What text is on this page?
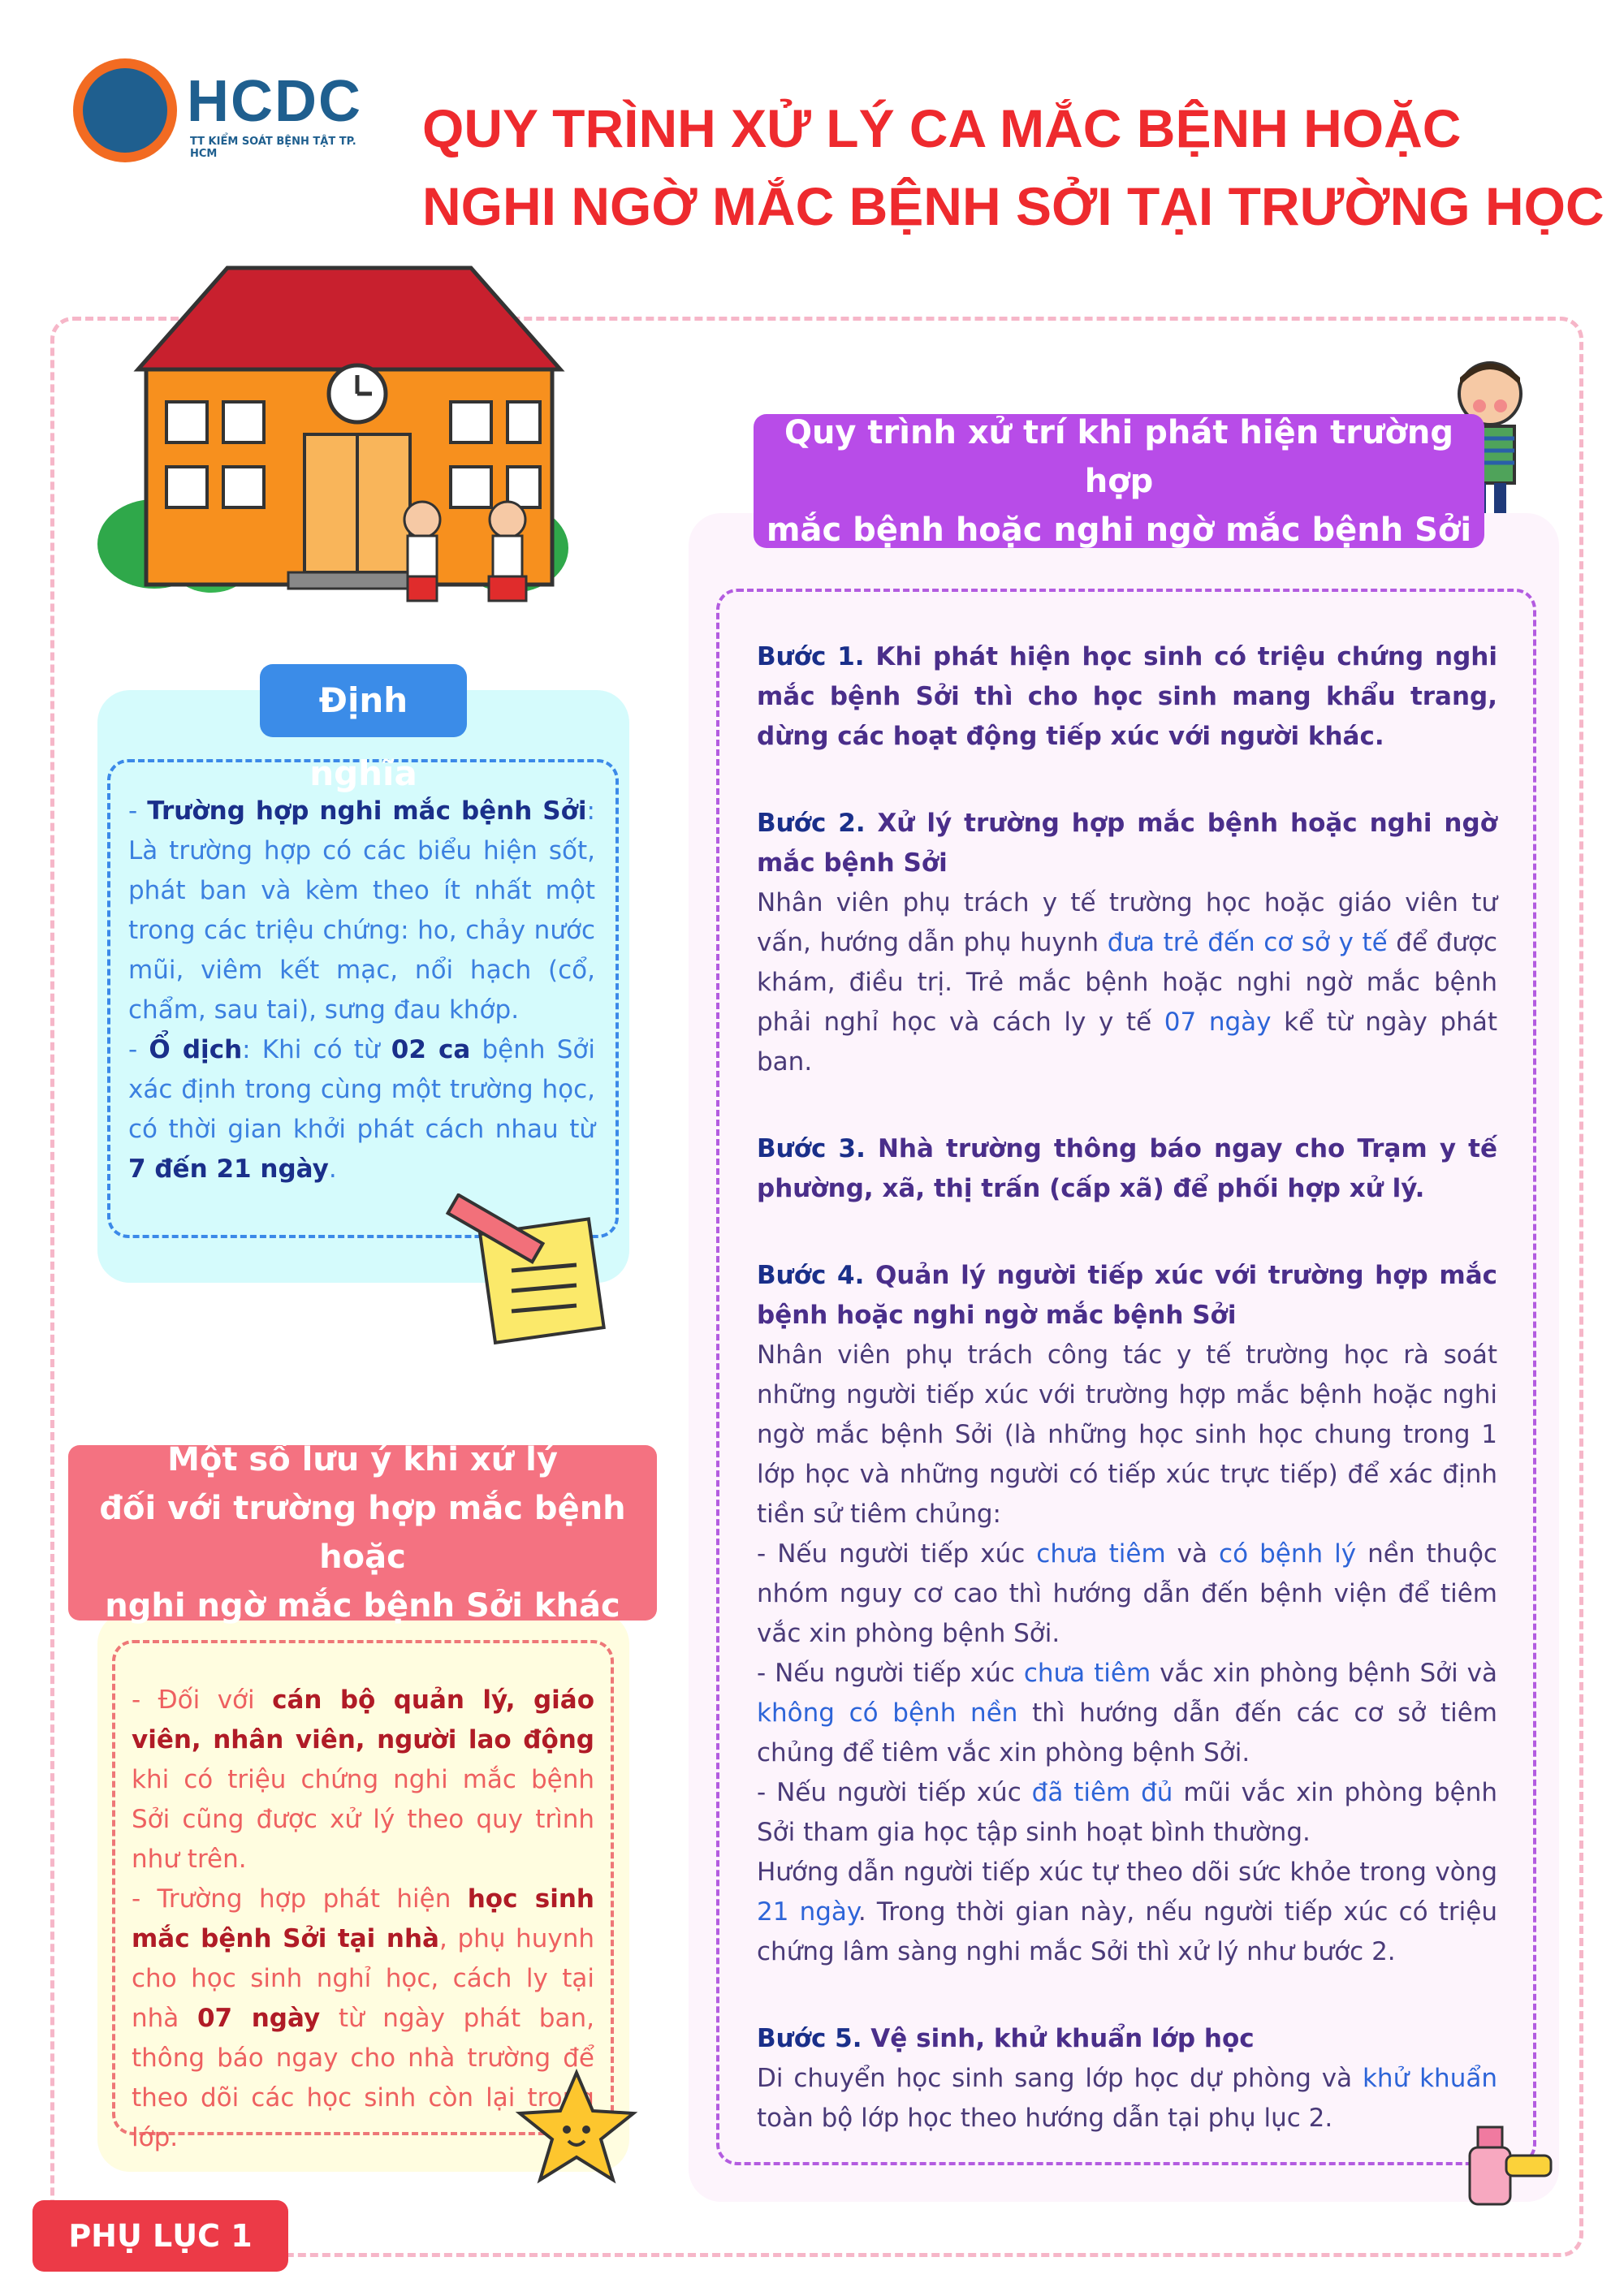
HCDC
TT KIỂM SOÁT BỆNH TẬT TP. HCM	QUY TRÌNH XỬ LÝ CA MẮC BỆNH HOẶC
NGHI NGỜ MẮC BỆNH SỞI TẠI TRƯỜNG HỌC
Định nghĩa
- Trường hợp nghi mắc bệnh Sởi: Là trường hợp có các biểu hiện sốt, phát ban và kèm theo ít nhất một trong các triệu chứng: ho, chảy nước mũi, viêm kết mạc, nổi hạch (cổ, chẩm, sau tai), sưng đau khớp.
- Ổ dịch: Khi có từ 02 ca bệnh Sởi xác định trong cùng một trường học, có thời gian khởi phát cách nhau từ 7 đến 21 ngày.
Một số lưu ý khi xử lý
đối với trường hợp mắc bệnh hoặc
nghi ngờ mắc bệnh Sởi khác
- Đối với cán bộ quản lý, giáo viên, nhân viên, người lao động khi có triệu chứng nghi mắc bệnh Sởi cũng được xử lý theo quy trình như trên.
- Trường hợp phát hiện học sinh mắc bệnh Sởi tại nhà, phụ huynh cho học sinh nghỉ học, cách ly tại nhà 07 ngày từ ngày phát ban, thông báo ngay cho nhà trường để theo dõi các học sinh còn lại trong lớp.
Quy trình xử trí khi phát hiện trường hợp
mắc bệnh hoặc nghi ngờ mắc bệnh Sởi
Bước 1. Khi phát hiện học sinh có triệu chứng nghi mắc bệnh Sởi thì cho học sinh mang khẩu trang, dừng các hoạt động tiếp xúc với người khác.
Bước 2. Xử lý trường hợp mắc bệnh hoặc nghi ngờ mắc bệnh Sởi
Nhân viên phụ trách y tế trường học hoặc giáo viên tư vấn, hướng dẫn phụ huynh đưa trẻ đến cơ sở y tế để được khám, điều trị. Trẻ mắc bệnh hoặc nghi ngờ mắc bệnh phải nghỉ học và cách ly y tế 07 ngày kể từ ngày phát ban.
Bước 3. Nhà trường thông báo ngay cho Trạm y tế phường, xã, thị trấn (cấp xã) để phối hợp xử lý.
Bước 4. Quản lý người tiếp xúc với trường hợp mắc bệnh hoặc nghi ngờ mắc bệnh Sởi
Nhân viên phụ trách công tác y tế trường học rà soát những người tiếp xúc với trường hợp mắc bệnh hoặc nghi ngờ mắc bệnh Sởi (là những học sinh học chung trong 1 lớp học và những người có tiếp xúc trực tiếp) để xác định tiền sử tiêm chủng:
- Nếu người tiếp xúc chưa tiêm và có bệnh lý nền thuộc nhóm nguy cơ cao thì hướng dẫn đến bệnh viện để tiêm vắc xin phòng bệnh Sởi.
- Nếu người tiếp xúc chưa tiêm vắc xin phòng bệnh Sởi và không có bệnh nền thì hướng dẫn đến các cơ sở tiêm chủng để tiêm vắc xin phòng bệnh Sởi.
- Nếu người tiếp xúc đã tiêm đủ mũi vắc xin phòng bệnh Sởi tham gia học tập sinh hoạt bình thường.
Hướng dẫn người tiếp xúc tự theo dõi sức khỏe trong vòng 21 ngày. Trong thời gian này, nếu người tiếp xúc có triệu chứng lâm sàng nghi mắc Sởi thì xử lý như bước 2.
Bước 5. Vệ sinh, khử khuẩn lớp học
Di chuyển học sinh sang lớp học dự phòng và khử khuẩn toàn bộ lớp học theo hướng dẫn tại phụ lục 2.
PHỤ LỤC 1
